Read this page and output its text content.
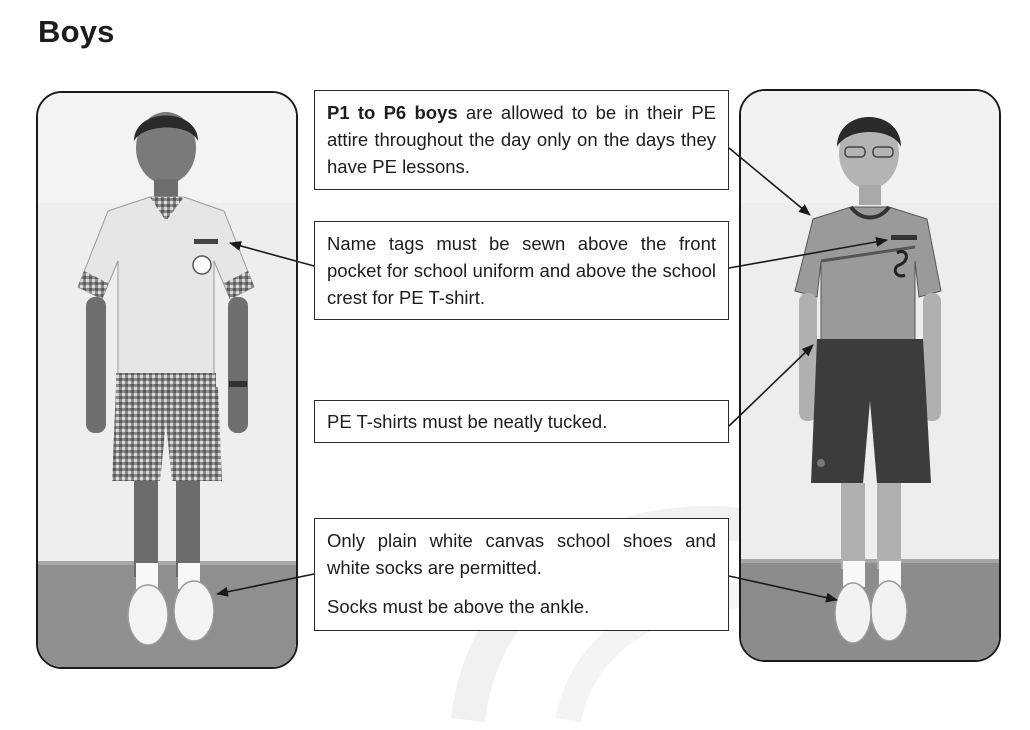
Boys

P1 to P6 boys are allowed to be in their PE attire throughout the day only on the days they have PE lessons.

Name tags must be sewn above the front pocket for school uniform and above the school crest for PE T-shirt.

PE T-shirts must be neatly tucked.

Only plain white canvas school shoes and white socks are permitted.

Socks must be above the ankle.
